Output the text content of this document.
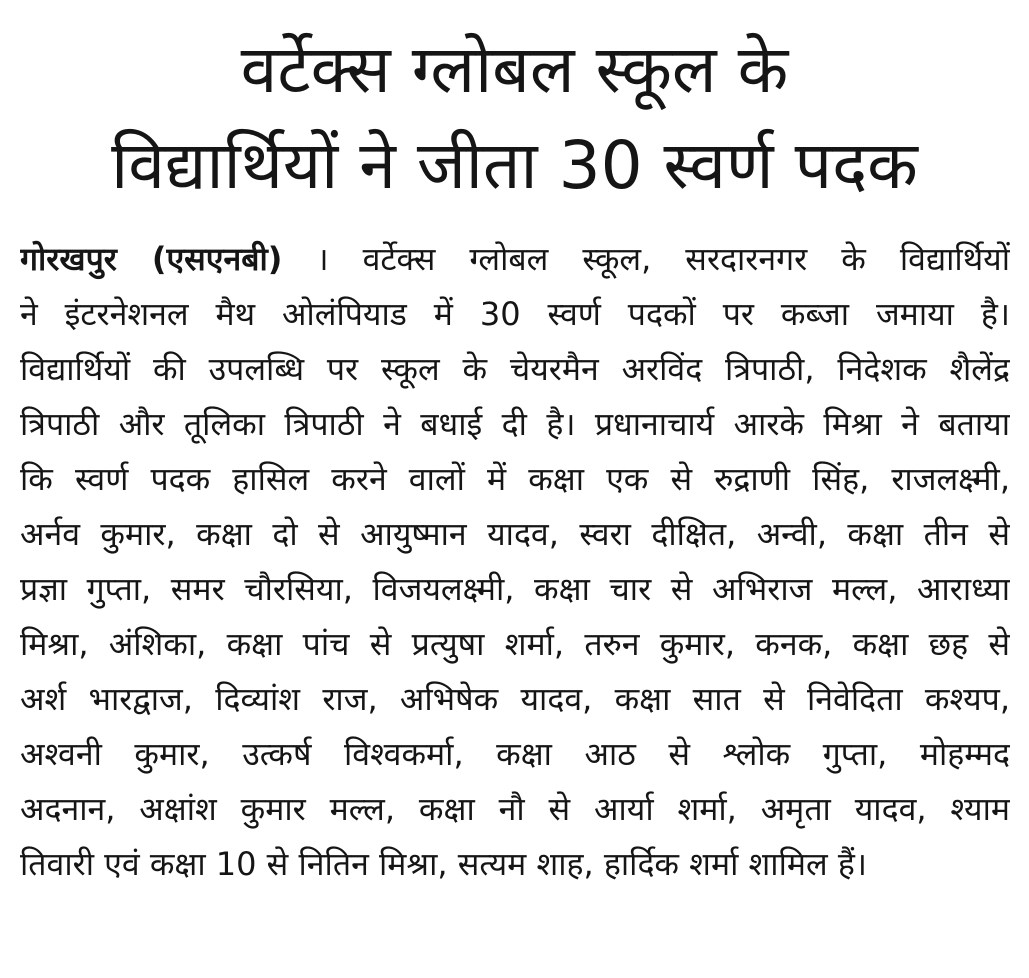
वर्टेक्स ग्लोबल स्कूल के
विद्यार्थियों ने जीता 30 स्वर्ण पदक
गोरखपुर (एसएनबी) । वर्टेक्स ग्लोबल स्कूल, सरदारनगर के विद्यार्थियों
ने इंटरनेशनल मैथ ओलंपियाड में 30 स्वर्ण पदकों पर कब्जा जमाया है।
विद्यार्थियों की उपलब्धि पर स्कूल के चेयरमैन अरविंद त्रिपाठी, निदेशक शैलेंद्र
त्रिपाठी और तूलिका त्रिपाठी ने बधाई दी है। प्रधानाचार्य आरके मिश्रा ने बताया
कि स्वर्ण पदक हासिल करने वालों में कक्षा एक से रुद्राणी सिंह, राजलक्ष्मी,
अर्नव कुमार, कक्षा दो से आयुष्मान यादव, स्वरा दीक्षित, अन्वी, कक्षा तीन से
प्रज्ञा गुप्ता, समर चौरसिया, विजयलक्ष्मी, कक्षा चार से अभिराज मल्ल, आराध्या
मिश्रा, अंशिका, कक्षा पांच से प्रत्युषा शर्मा, तरुन कुमार, कनक, कक्षा छह से
अर्श भारद्वाज, दिव्यांश राज, अभिषेक यादव, कक्षा सात से निवेदिता कश्यप,
अश्वनी कुमार, उत्कर्ष विश्वकर्मा, कक्षा आठ से श्लोक गुप्ता, मोहम्मद
अदनान, अक्षांश कुमार मल्ल, कक्षा नौ से आर्या शर्मा, अमृता यादव, श्याम
तिवारी एवं कक्षा 10 से नितिन मिश्रा, सत्यम शाह, हार्दिक शर्मा शामिल हैं।
